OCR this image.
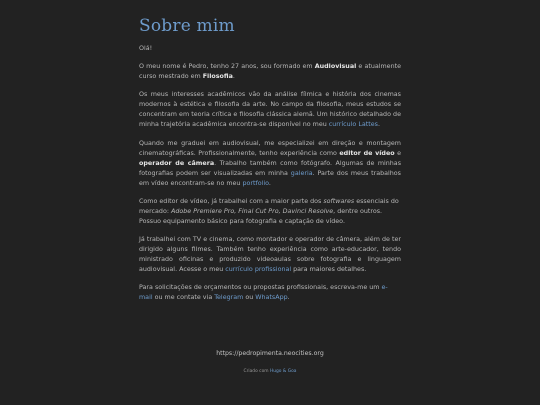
Sobre mim

Olá!

O meu nome é Pedro, tenho 27 anos, sou formado em Audiovisual e atualmente curso mestrado em Filosofia.

Os meus interesses acadêmicos vão da análise fílmica e história dos cinemas modernos à estética e filosofia da arte. No campo da filosofia, meus estudos se concentram em teoria crítica e filosofia clássica alemã. Um histórico detalhado de minha trajetória acadêmica encontra-se disponível no meu currículo Lattes.

Quando me graduei em audiovisual, me especializei em direção e montagem cinematográficas. Profissionalmente, tenho experiência como editor de vídeo e operador de câmera. Trabalho também como fotógrafo. Algumas de minhas fotografias podem ser visualizadas em minha galeria. Parte dos meus trabalhos em vídeo encontram-se no meu portfolio.

Como editor de vídeo, já trabalhei com a maior parte dos softwares essenciais do mercado: Adobe Premiere Pro, Final Cut Pro, Davinci Resolve, dentre outros. Possuo equipamento básico para fotografia e captação de vídeo.

Já trabalhei com TV e cinema, como montador e operador de câmera, além de ter dirigido alguns filmes. Também tenho experiência como arte-educador, tendo ministrado oficinas e produzido videoaulas sobre fotografia e linguagem audiovisual. Acesse o meu currículo profissional para maiores detalhes.

Para solicitações de orçamentos ou propostas profissionais, escreva-me um e-mail ou me contate via Telegram ou WhatsApp.

https://pedropimenta.neocities.org
Criado com Hugo & Goa
